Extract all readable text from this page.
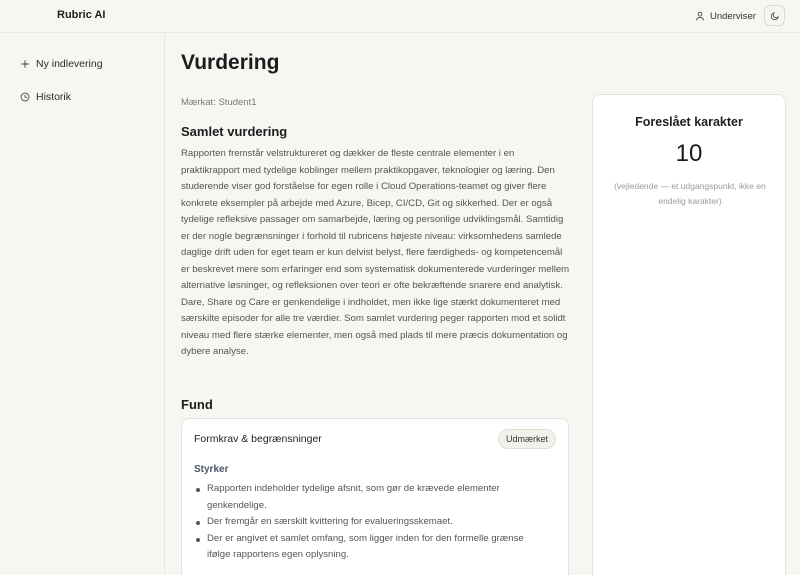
Rubric AI	Underviser
Ny indlevering
Historik
Vurdering
Mærkat: Student1
Samlet vurdering

Rapporten fremstår velstruktureret og dækker de fleste centrale elementer i en praktikrapport med tydelige koblinger mellem praktikopgaver, teknologier og læring. Den studerende viser god forståelse for egen rolle i Cloud Operations-teamet og giver flere konkrete eksempler på arbejde med Azure, Bicep, CI/CD, Git og sikkerhed. Der er også tydelige refleksive passager om samarbejde, læring og personlige udviklingsmål. Samtidig er der nogle begrænsninger i forhold til rubricens højeste niveau: virksomhedens samlede daglige drift uden for eget team er kun delvist belyst, flere færdigheds- og kompetencemål er beskrevet mere som erfaringer end som systematisk dokumenterede vurderinger mellem alternative løsninger, og refleksionen over teori er ofte bekræftende snarere end analytisk. Dare, Share og Care er genkendelige i indholdet, men ikke lige stærkt dokumenteret med særskilte episoder for alle tre værdier. Som samlet vurdering peger rapporten mod et solidt niveau med flere stærke elementer, men også med plads til mere præcis dokumentation og dybere analyse.

Fund
Formkrav & begrænsninger	Udmærket
Styrker
Rapporten indeholder tydelige afsnit, som gør de krævede elementer genkendelige.
Der fremgår en særskilt kvittering for evalueringsskemaet.
Der er angivet et samlet omfang, som ligger inden for den formelle grænse ifølge rapportens egen oplysning.
Foreslået karakter
10
(vejledende — et udgangspunkt, ikke en endelig karakter)
